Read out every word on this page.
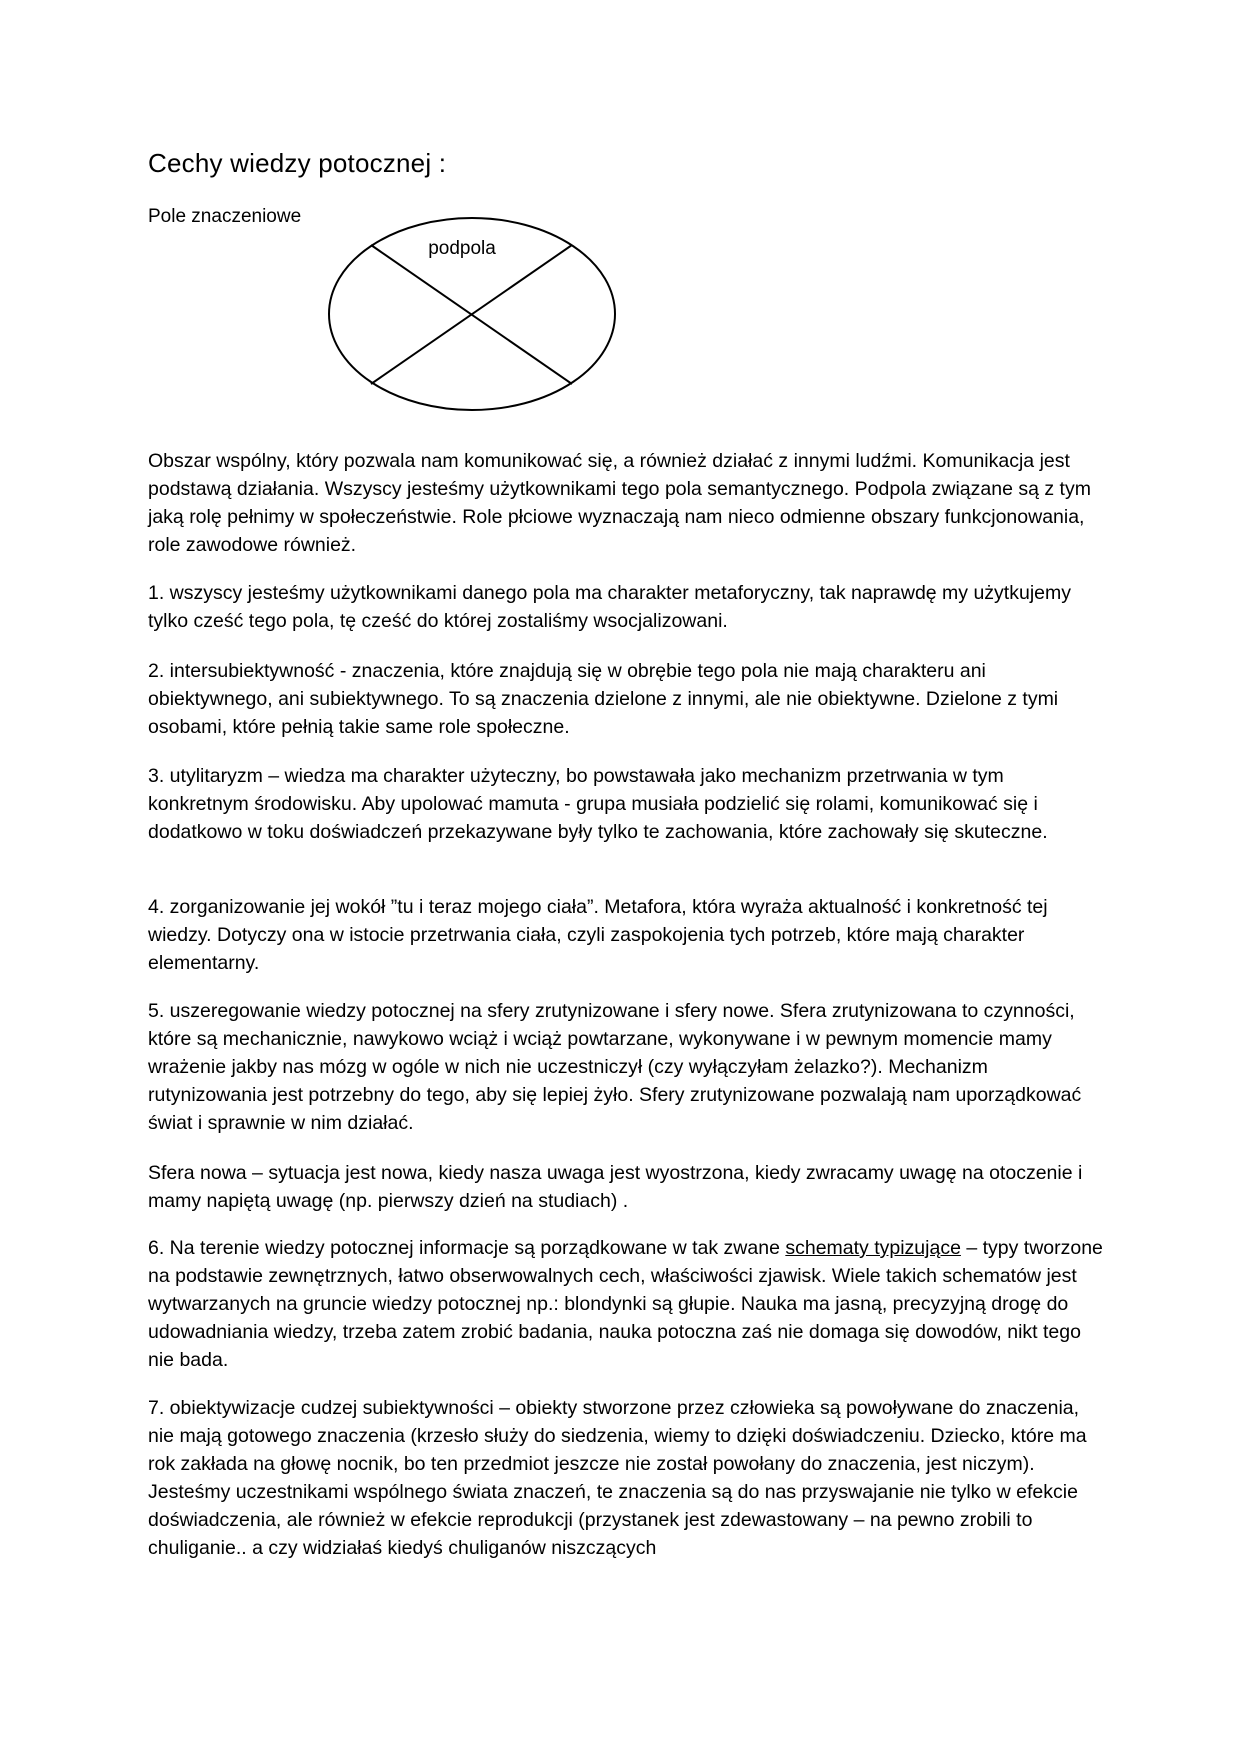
Cechy wiedzy potocznej :
Pole znaczeniowe
podpola

Obszar wspólny, który pozwala nam komunikować się, a również działać z innymi ludźmi. Komunikacja jest podstawą działania. Wszyscy jesteśmy użytkownikami tego pola semantycznego. Podpola związane są z tym jaką rolę pełnimy w społeczeństwie. Role płciowe wyznaczają nam nieco odmienne obszary funkcjonowania, role zawodowe również.

1. wszyscy jesteśmy użytkownikami danego pola ma charakter metaforyczny, tak naprawdę my użytkujemy tylko cześć tego pola, tę cześć do której zostaliśmy wsocjalizowani.

2. intersubiektywność - znaczenia, które znajdują się w obrębie tego pola nie mają charakteru ani obiektywnego, ani subiektywnego. To są znaczenia dzielone z innymi, ale nie obiektywne. Dzielone z tymi osobami, które pełnią takie same role społeczne.

3. utylitaryzm – wiedza ma charakter użyteczny, bo powstawała jako mechanizm przetrwania w tym konkretnym środowisku. Aby upolować mamuta - grupa musiała podzielić się rolami, komunikować się i dodatkowo w toku doświadczeń przekazywane były tylko te zachowania, które zachowały się skuteczne.

4. zorganizowanie jej wokół ”tu i teraz mojego ciała”. Metafora, która wyraża aktualność i konkretność tej wiedzy. Dotyczy ona w istocie przetrwania ciała, czyli zaspokojenia tych potrzeb, które mają charakter elementarny.

5. uszeregowanie wiedzy potocznej na sfery zrutynizowane i sfery nowe. Sfera zrutynizowana to czynności, które są mechanicznie, nawykowo wciąż i wciąż powtarzane, wykonywane i w pewnym momencie mamy wrażenie jakby nas mózg w ogóle w nich nie uczestniczył (czy wyłączyłam żelazko?). Mechanizm rutynizowania jest potrzebny do tego, aby się lepiej żyło. Sfery zrutynizowane pozwalają nam uporządkować świat i sprawnie w nim działać.

Sfera nowa – sytuacja jest nowa, kiedy nasza uwaga jest wyostrzona, kiedy zwracamy uwagę na otoczenie i mamy napiętą uwagę (np. pierwszy dzień na studiach) .

6. Na terenie wiedzy potocznej informacje są porządkowane w tak zwane schematy typizujące – typy tworzone na podstawie zewnętrznych, łatwo obserwowalnych cech, właściwości zjawisk. Wiele takich schematów jest wytwarzanych na gruncie wiedzy potocznej np.: blondynki są głupie. Nauka ma jasną, precyzyjną drogę do udowadniania wiedzy, trzeba zatem zrobić badania, nauka potoczna zaś nie domaga się dowodów, nikt tego nie bada.

7. obiektywizacje cudzej subiektywności – obiekty stworzone przez człowieka są powoływane do znaczenia, nie mają gotowego znaczenia (krzesło służy do siedzenia, wiemy to dzięki doświadczeniu. Dziecko, które ma rok zakłada na głowę nocnik, bo ten przedmiot jeszcze nie został powołany do znaczenia, jest niczym). Jesteśmy uczestnikami wspólnego świata znaczeń, te znaczenia są do nas przyswajanie nie tylko w efekcie doświadczenia, ale również w efekcie reprodukcji (przystanek jest zdewastowany – na pewno zrobili to chuliganie.. a czy widziałaś kiedyś chuliganów niszczących
